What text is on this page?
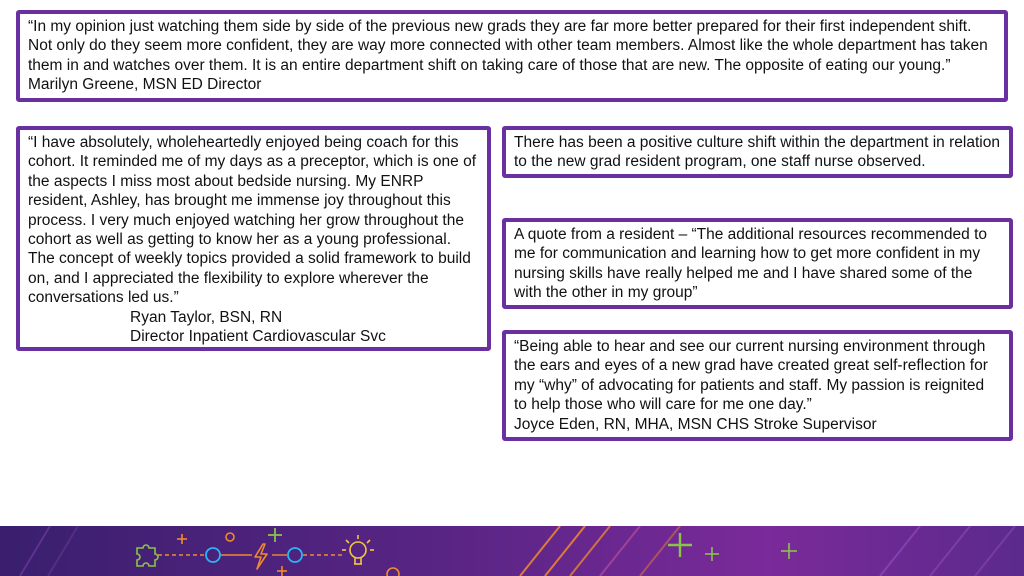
“In my opinion just watching them side by side of the previous new grads they are far more better prepared for their first independent shift. Not only do they seem more confident, they are way more connected with other team members. Almost like the whole department has taken them in and watches over them. It is an entire department shift on taking care of those that are new. The opposite of eating our young.”Marilyn Greene, MSN ED Director

“I have absolutely, wholeheartedly enjoyed being coach for this cohort. It reminded me of my days as a preceptor, which is one of the aspects I miss most about bedside nursing. My ENRP resident, Ashley, has brought me immense joy throughout this process. I very much enjoyed watching her grow throughout the cohort as well as getting to know her as a young professional. The concept of weekly topics provided a solid framework to build on, and I appreciated the flexibility to explore wherever the conversations led us.”

Ryan Taylor, BSN, RN

Director Inpatient Cardiovascular Svc

There has been a positive culture shift within the department in relation to the new grad resident program, one staff nurse observed.

A quote from a resident – “The additional resources recommended to me for communication and learning how to get more confident in my nursing skills have really helped me and I have shared some of the with the other in my group”

“Being able to hear and see our current nursing environment through the ears and eyes of a new grad have created great self-reflection for my “why” of advocating for patients and staff. My passion is reignited to help those who will care for me one day.”

Joyce Eden, RN, MHA, MSN CHS Stroke Supervisor
